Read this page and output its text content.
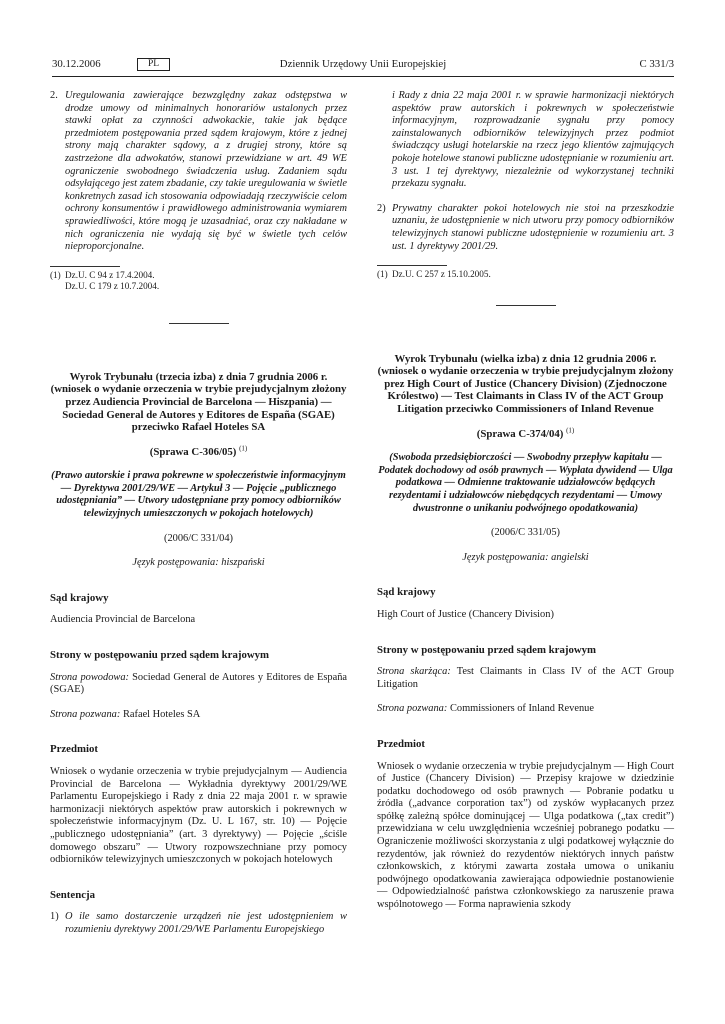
30.12.2006	PL	Dziennik Urzędowy Unii Europejskiej	C 331/3
2. Uregulowania zawierające bezwzględny zakaz odstępstwa w drodze umowy od minimalnych honorariów ustalonych przez stawki opłat za czynności adwokackie, takie jak będące przedmiotem postępowania przed sądem krajowym, które z jednej strony mają charakter sądowy, a z drugiej strony, które są zastrzeżone dla adwokatów, stanowi przewidziane w art. 49 WE ograniczenie swobodnego świadczenia usług. Zadaniem sądu odsyłającego jest zatem zbadanie, czy takie uregulowania w świetle konkretnych zasad ich stosowania odpowiadają rzeczywiście celom ochrony konsumentów i prawidłowego administrowania wymiarem sprawiedliwości, które mogą je uzasadniać, oraz czy nakładane w nich ograniczenia nie wydają się być w świetle tych celów nieproporcjonalne.
(1) Dz.U. C 94 z 17.4.2004.
Dz.U. C 179 z 10.7.2004.

Wyrok Trybunału (trzecia izba) z dnia 7 grudnia 2006 r. (wniosek o wydanie orzeczenia w trybie prejudycjalnym złożony przez Audiencia Provincial de Barcelona — Hiszpania) — Sociedad General de Autores y Editores de España (SGAE) przeciwko Rafael Hoteles SA

(Sprawa C-306/05) $^{(1)}$

(Prawo autorskie i prawa pokrewne w społeczeństwie informacyjnym — Dyrektywa 2001/29/WE — Artykuł 3 — Pojęcie „publicznego udostępniania” — Utwory udostępniane przy pomocy odbiorników telewizyjnych umieszczonych w pokojach hotelowych)

(2006/C 331/04)

Język postępowania: hiszpański

Sąd krajowy

Audiencia Provincial de Barcelona

Strony w postępowaniu przed sądem krajowym

Strona powodowa: Sociedad General de Autores y Editores de España (SGAE)

Strona pozwana: Rafael Hoteles SA

Przedmiot

Wniosek o wydanie orzeczenia w trybie prejudycjalnym — Audiencia Provincial de Barcelona — Wykładnia dyrektywy 2001/29/WE Parlamentu Europejskiego i Rady z dnia 22 maja 2001 r. w sprawie harmonizacji niektórych aspektów praw autorskich i pokrewnych w społeczeństwie informacyjnym (Dz. U. L 167, str. 10) — Pojęcie „publicznego udostępniania” (art. 3 dyrektywy) — Pojęcie „ściśle domowego obszaru” — Utwory rozpowszechniane przy pomocy odbiorników telewizyjnych umieszczonych w pokojach hotelowych

Sentencja

1) O ile samo dostarczenie urządzeń nie jest udostępnieniem w rozumieniu dyrektywy 2001/29/WE Parlamentu Europejskiego

i Rady z dnia 22 maja 2001 r. w sprawie harmonizacji niektórych aspektów praw autorskich i pokrewnych w społeczeństwie informacyjnym, rozprowadzanie sygnału przy pomocy zainstalowanych odbiorników telewizyjnych przez podmiot świadczący usługi hotelarskie na rzecz jego klientów zajmujących pokoje hotelowe stanowi publiczne udostępnianie w rozumieniu art. 3 ust. 1 tej dyrektywy, niezależnie od wykorzystanej techniki przekazu sygnału.

2) Prywatny charakter pokoi hotelowych nie stoi na przeszkodzie uznaniu, że udostępnienie w nich utworu przy pomocy odbiorników telewizyjnych stanowi publiczne udostępnienie w rozumieniu art. 3 ust. 1 dyrektywy 2001/29.
(1) Dz.U. C 257 z 15.10.2005.

Wyrok Trybunału (wielka izba) z dnia 12 grudnia 2006 r. (wniosek o wydanie orzeczenia w trybie prejudycjalnym złożony prez High Court of Justice (Chancery Division) (Zjednoczone Królestwo) — Test Claimants in Class IV of the ACT Group Litigation przeciwko Commissioners of Inland Revenue

(Sprawa C-374/04) $^{(1)}$

(Swoboda przedsiębiorczości — Swobodny przepływ kapitału — Podatek dochodowy od osób prawnych — Wypłata dywidend — Ulga podatkowa — Odmienne traktowanie udziałowców będących rezydentami i udziałowców niebędących rezydentami — Umowy dwustronne o unikaniu podwójnego opodatkowania)

(2006/C 331/05)

Język postępowania: angielski

Sąd krajowy

High Court of Justice (Chancery Division)

Strony w postępowaniu przed sądem krajowym

Strona skarżąca: Test Claimants in Class IV of the ACT Group Litigation

Strona pozwana: Commissioners of Inland Revenue

Przedmiot

Wniosek o wydanie orzeczenia w trybie prejudycjalnym — High Court of Justice (Chancery Division) — Przepisy krajowe w dziedzinie podatku dochodowego od osób prawnych — Pobranie podatku u źródła („advance corporation tax”) od zysków wypłacanych przez spółkę zależną spółce dominującej — Ulga podatkowa („tax credit”) przewidziana w celu uwzględnienia wcześniej pobranego podatku — Ograniczenie możliwości skorzystania z ulgi podatkowej wyłącznie do rezydentów, jak również do rezydentów niektórych innych państw członkowskich, z którymi zawarta została umowa o unikaniu podwójnego opodatkowania zawierająca odpowiednie postanowienie — Odpowiedzialność państwa członkowskiego za naruszenie prawa wspólnotowego — Forma naprawienia szkody
